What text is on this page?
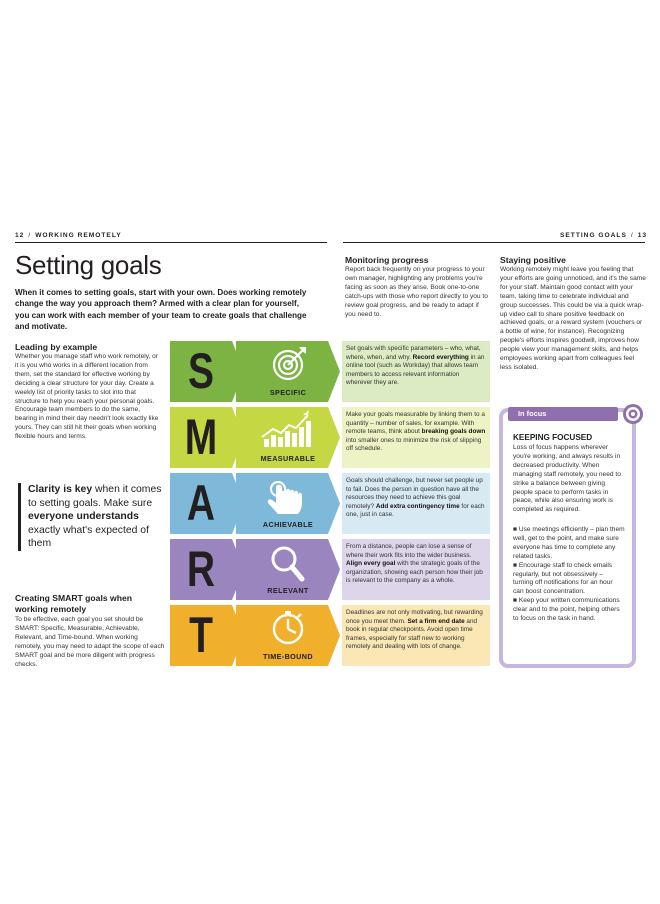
12 / WORKING REMOTELY	SETTING GOALS / 13
Setting goals

When it comes to setting goals, start with your own. Does working remotely change the way you approach them? Armed with a clear plan for yourself, you can work with each member of your team to create goals that challenge and motivate.

Leading by example

Whether you manage staff who work remotely, or it is you who works in a different location from them, set the standard for effective working by deciding a clear structure for your day. Create a weekly list of priority tasks to slot into that structure to help you reach your personal goals. Encourage team members to do the same, bearing in mind their day needn't look exactly like yours. They can still hit their goals when working flexible hours and terms.

Clarity is key when it comes to setting goals. Make sure everyone understands exactly what's expected of them
Creating SMART goals when working remotely

To be effective, each goal you set should be SMART: Specific, Measurable, Achievable, Relevant, and Time-bound. When working remotely, you may need to adapt the scope of each SMART goal and be more diligent with progress checks.

Monitoring progress

Report back frequently on your progress to your own manager, highlighting any problems you're facing as soon as they arise. Book one-to-one catch-ups with those who report directly to you to review goal progress, and be ready to adapt if you need to.

Staying positive

Working remotely might leave you feeling that your efforts are going unnoticed, and it's the same for your staff. Maintain good contact with your team, taking time to celebrate individual and group successes. This could be via a quick wrap-up video call to share positive feedback on achieved goals, or a reward system (vouchers or a bottle of wine, for instance). Recognizing people's efforts inspires goodwill, improves how people view your management skills, and helps employees working apart from colleagues feel less isolated.

SPECIFIC
S	Set goals with specific parameters – who, what, where, when, and why. Record everything in an online tool (such as Workday) that allows team members to access relevant information wherever they are.
MEASURABLE
M	Make your goals measurable by linking them to a quantity – number of sales, for example. With remote teams, think about breaking goals down into smaller ones to minimize the risk of slipping off schedule.
ACHIEVABLE
A	Goals should challenge, but never set people up to fail. Does the person in question have all the resources they need to achieve this goal remotely? Add extra contingency time for each one, just in case.
RELEVANT
R	From a distance, people can lose a sense of where their work fits into the wider business. Align every goal with the strategic goals of the organization, showing each person how their job is relevant to the company as a whole.
TIME-BOUND
T	Deadlines are not only motivating, but rewarding once you meet them. Set a firm end date and book in regular checkpoints. Avoid open time frames, especially for staff new to working remotely and dealing with lots of change.
KEEPING FOCUSED

Loss of focus happens wherever you're working, and always results in decreased productivity. When managing staff remotely, you need to strike a balance between giving people space to perform tasks in peace, while also ensuring work is completed as required.

■ Use meetings efficiently – plan them well, get to the point, and make sure everyone has time to complete any related tasks.
■ Encourage staff to check emails regularly, but not obsessively – turning off notifications for an hour can boost concentration.
■ Keep your written communications clear and to the point, helping others to focus on the task in hand.
In focus
